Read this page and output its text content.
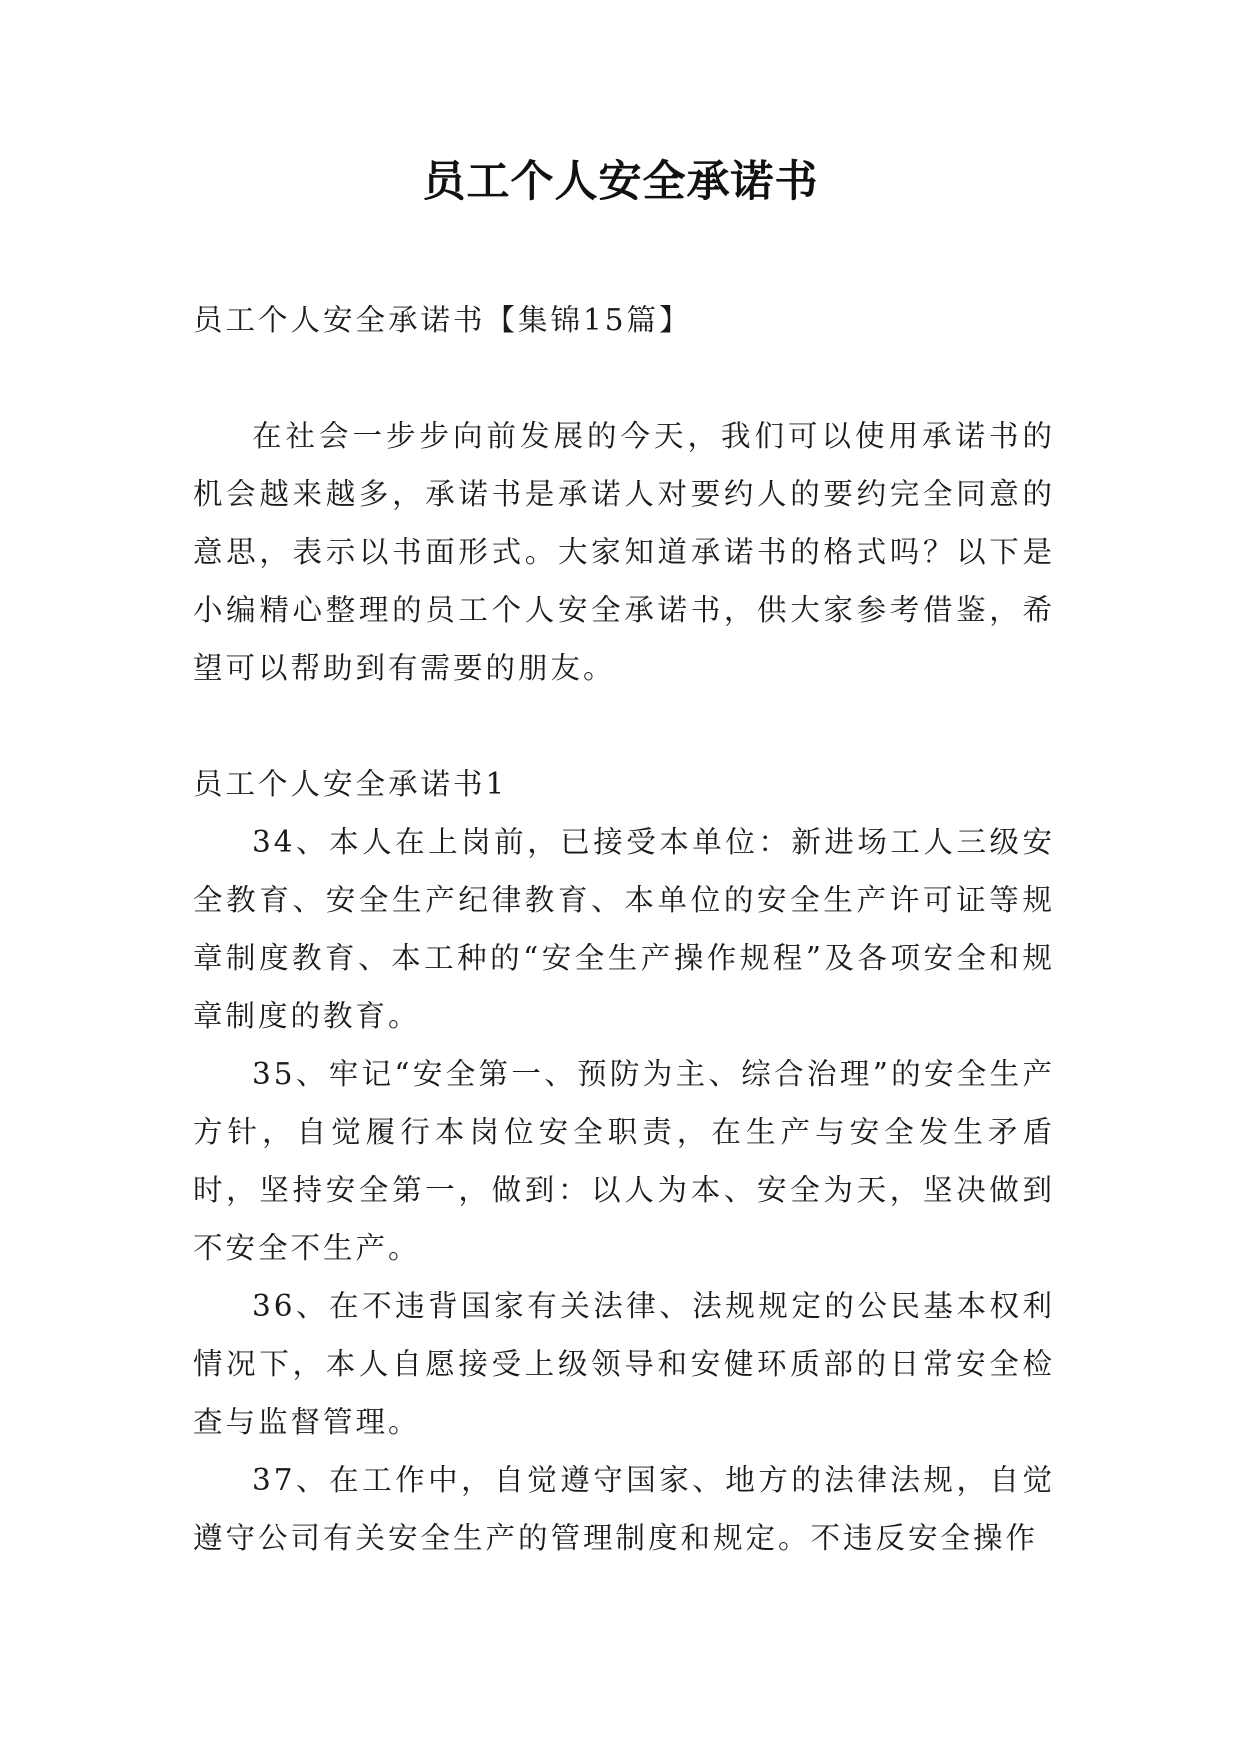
员工个人安全承诺书

员工个人安全承诺书【集锦15篇】

在社会一步步向前发展的今天，我们可以使用承诺书的机会越来越多，承诺书是承诺人对要约人的要约完全同意的意思，表示以书面形式。大家知道承诺书的格式吗？以下是小编精心整理的员工个人安全承诺书，供大家参考借鉴，希望可以帮助到有需要的朋友。

员工个人安全承诺书1

34、本人在上岗前，已接受本单位：新进场工人三级安全教育、安全生产纪律教育、本单位的安全生产许可证等规章制度教育、本工种的“安全生产操作规程”及各项安全和规章制度的教育。

35、牢记“安全第一、预防为主、综合治理”的安全生产方针，自觉履行本岗位安全职责，在生产与安全发生矛盾时，坚持安全第一，做到：以人为本、安全为天，坚决做到不安全不生产。

36、在不违背国家有关法律、法规规定的公民基本权利情况下，本人自愿接受上级领导和安健环质部的日常安全检查与监督管理。

37、在工作中，自觉遵守国家、地方的法律法规，自觉遵守公司有关安全生产的管理制度和规定。不违反安全操作
